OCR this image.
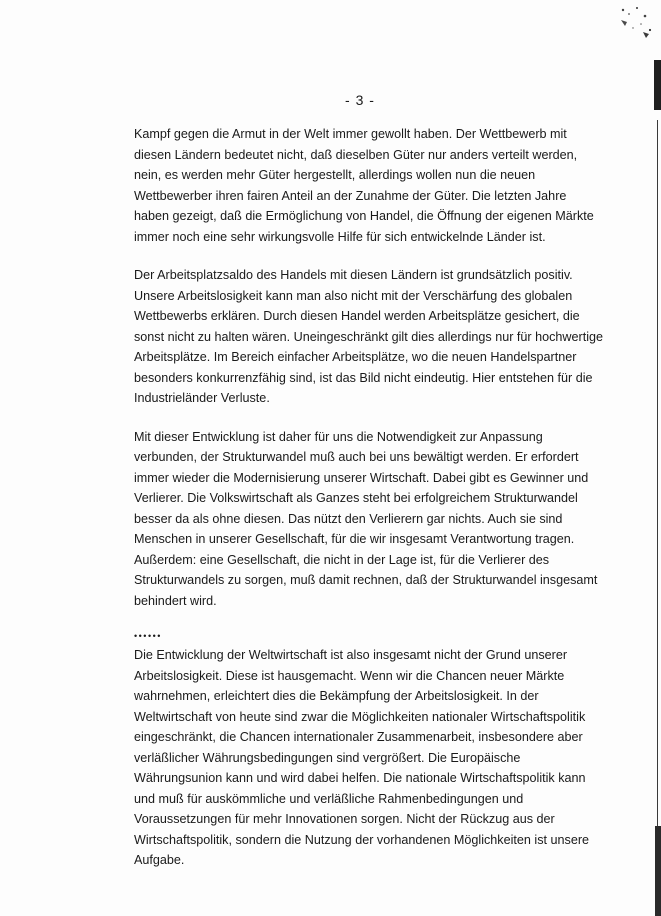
- 3 -
Kampf gegen die Armut in der Welt immer gewollt haben. Der Wettbewerb mit
diesen Ländern bedeutet nicht, daß dieselben Güter nur anders verteilt werden,
nein, es werden mehr Güter hergestellt, allerdings wollen nun die neuen
Wettbewerber ihren fairen Anteil an der Zunahme der Güter. Die letzten Jahre
haben gezeigt, daß die Ermöglichung von Handel, die Öffnung der eigenen Märkte
immer noch eine sehr wirkungsvolle Hilfe für sich entwickelnde Länder ist.
Der Arbeitsplatzsaldo des Handels mit diesen Ländern ist grundsätzlich positiv.
Unsere Arbeitslosigkeit kann man also nicht mit der Verschärfung des globalen
Wettbewerbs erklären. Durch diesen Handel werden Arbeitsplätze gesichert, die
sonst nicht zu halten wären. Uneingeschränkt gilt dies allerdings nur für hochwertige
Arbeitsplätze. Im Bereich einfacher Arbeitsplätze, wo die neuen Handelspartner
besonders konkurrenzfähig sind, ist das Bild nicht eindeutig. Hier entstehen für die
Industrieländer Verluste.
Mit dieser Entwicklung ist daher für uns die Notwendigkeit zur Anpassung
verbunden, der Strukturwandel muß auch bei uns bewältigt werden. Er erfordert
immer wieder die Modernisierung unserer Wirtschaft. Dabei gibt es Gewinner und
Verlierer. Die Volkswirtschaft als Ganzes steht bei erfolgreichem Strukturwandel
besser da als ohne diesen. Das nützt den Verlierern gar nichts. Auch sie sind
Menschen in unserer Gesellschaft, für die wir insgesamt Verantwortung tragen.
Außerdem: eine Gesellschaft, die nicht in der Lage ist, für die Verlierer des
Strukturwandels zu sorgen, muß damit rechnen, daß der Strukturwandel insgesamt
behindert wird.
••••••
Die Entwicklung der Weltwirtschaft ist also insgesamt nicht der Grund unserer
Arbeitslosigkeit. Diese ist hausgemacht. Wenn wir die Chancen neuer Märkte
wahrnehmen, erleichtert dies die Bekämpfung der Arbeitslosigkeit. In der
Weltwirtschaft von heute sind zwar die Möglichkeiten nationaler Wirtschaftspolitik
eingeschränkt, die Chancen internationaler Zusammenarbeit, insbesondere aber
verläßlicher Währungsbedingungen sind vergrößert. Die Europäische
Währungsunion kann und wird dabei helfen. Die nationale Wirtschaftspolitik kann
und muß für auskömmliche und verläßliche Rahmenbedingungen und
Voraussetzungen für mehr Innovationen sorgen. Nicht der Rückzug aus der
Wirtschaftspolitik, sondern die Nutzung der vorhandenen Möglichkeiten ist unsere
Aufgabe.
